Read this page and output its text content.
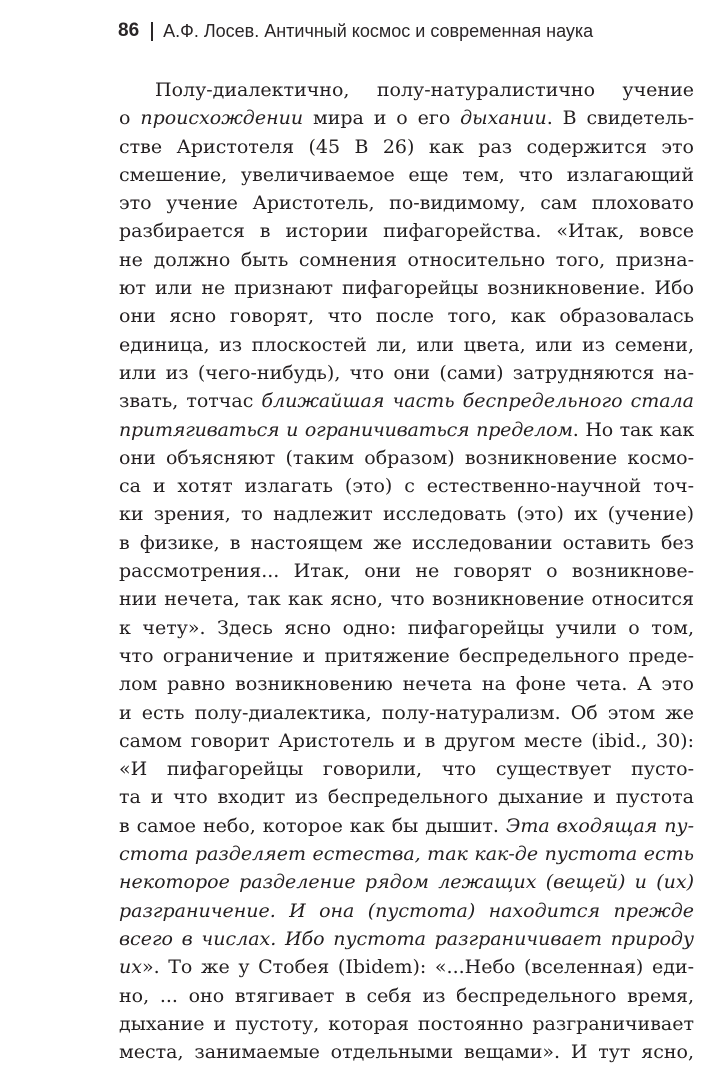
86 А.Ф. Лосев. Античный космос и современная наука
Полу-диалектично, полу-натуралистично учение
о происхождении мира и о его дыхании. В свидетель-
стве Аристотеля (45 В 26) как раз содержится это
смешение, увеличиваемое еще тем, что излагающий
это учение Аристотель, по-видимому, сам плоховато
разбирается в истории пифагорейства. «Итак, вовсе
не должно быть сомнения относительно того, призна-
ют или не признают пифагорейцы возникновение. Ибо
они ясно говорят, что после того, как образовалась
единица, из плоскостей ли, или цвета, или из семени,
или из (чего-нибудь), что они (сами) затрудняются на-
звать, тотчас ближайшая часть беспредельного стала
притягиваться и ограничиваться пределом. Но так как
они объясняют (таким образом) возникновение космо-
са и хотят излагать (это) с естественно-научной точ-
ки зрения, то надлежит исследовать (это) их (учение)
в физике, в настоящем же исследовании оставить без
рассмотрения... Итак, они не говорят о возникнове-
нии нечета, так как ясно, что возникновение относится
к чету». Здесь ясно одно: пифагорейцы учили о том,
что ограничение и притяжение беспредельного преде-
лом равно возникновению нечета на фоне чета. А это
и есть полу-диалектика, полу-натурализм. Об этом же
самом говорит Аристотель и в другом месте (ibid., 30):
«И пифагорейцы говорили, что существует пусто-
та и что входит из беспредельного дыхание и пустота
в самое небо, которое как бы дышит. Эта входящая пу-
стота разделяет естества, так как-де пустота есть
некоторое разделение рядом лежащих (вещей) и (их)
разграничение. И она (пустота) находится прежде
всего в числах. Ибо пустота разграничивает природу
их». То же у Стобея (Ibidem): «...Небо (вселенная) еди-
но, ... оно втягивает в себя из беспредельного время,
дыхание и пустоту, которая постоянно разграничивает
места, занимаемые отдельными вещами». И тут ясно,
